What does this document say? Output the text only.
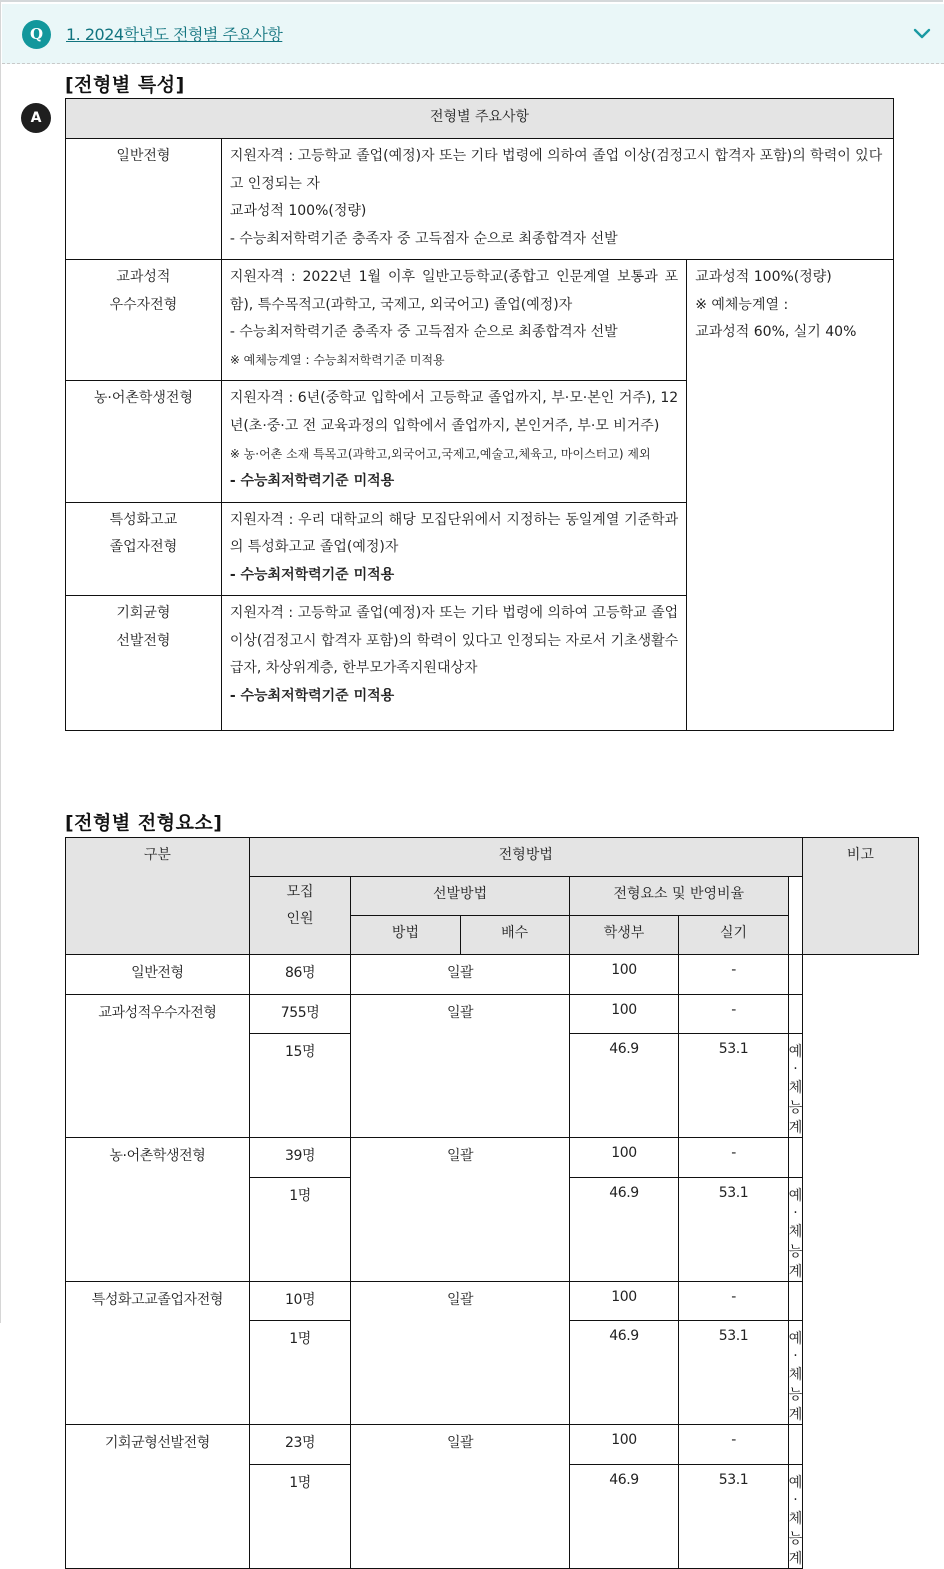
Q	1. 2024학년도 전형별 주요사항
A
[전형별 특성]
전형별 주요사항		

일반전형	지원자격 : 고등학교 졸업(예정)자 또는 기타 법령에 의하여 졸업 이상(검정고시 합격자 포함)의 학력이 있다고 인정되는 자
교과성적 100%(정량)
- 수능최저학력기준 충족자 중 고득점자 순으로 최종합격자 선발	

교과성적
우수자전형	지원자격 : 2022년 1월 이후 일반고등학교(종합고 인문계열 보통과 포함), 특수목적고(과학고, 국제고, 외국어고) 졸업(예정)자
- 수능최저학력기준 충족자 중 고득점자 순으로 최종합격자 선발
※ 예체능계열 : 수능최저학력기준 미적용	교과성적 100%(정량)
※ 예체능계열 :
교과성적 60%, 실기 40%

농·어촌학생전형	지원자격 : 6년(중학교 입학에서 고등학교 졸업까지, 부·모·본인 거주), 12년(초·중·고 전 교육과정의 입학에서 졸업까지, 본인거주, 부·모 비거주)
※ 농·어촌 소재 특목고(과학고,외국어고,국제고,예술고,체육고, 마이스터고) 제외
- 수능최저학력기준 미적용	

특성화고교
졸업자전형	지원자격 : 우리 대학교의 해당 모집단위에서 지정하는 동일계열 기준학과의 특성화고교 졸업(예정)자
- 수능최저학력기준 미적용	

기회균형
선발전형	지원자격 : 고등학교 졸업(예정)자 또는 기타 법령에 의하여 고등학교 졸업 이상(검정고시 합격자 포함)의 학력이 있다고 인정되는 자로서 기초생활수급자, 차상위계층, 한부모가족지원대상자
- 수능최저학력기준 미적용	
[전형별 전형요소]
구분	전형방법						비고

	모집
인원	선발방법		전형요소 및 반영비율			
		방법	배수	학생부	실기		
일반전형	86명	일괄		100	-		
교과성적우수자전형	755명	일괄		100	-		
	15명			46.9	53.1	예·체능계	
농·어촌학생전형	39명	일괄		100	-		
	1명			46.9	53.1	예·체능계	
특성화고교졸업자전형	10명	일괄		100	-		
	1명			46.9	53.1	예·체능계	
기회균형선발전형	23명	일괄		100	-		
	1명			46.9	53.1	예·체능계	
